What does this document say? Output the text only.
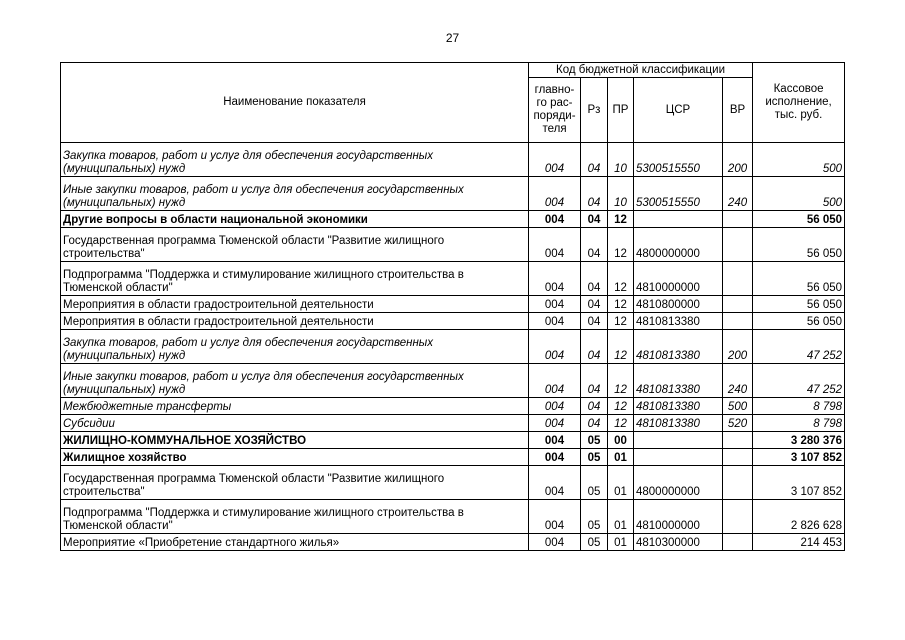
27
Наименование показателя	Код бюджетной классификации					Кассовое исполнение, тыс. руб.
	главно-
го рас-
поряди-
теля	Рз	ПР	ЦСР	ВР	
Закупка товаров, работ и услуг для обеспечения государственных (муниципальных) нужд	004	04	10	5300515550	200	500
Иные закупки товаров, работ и услуг для обеспечения государственных (муниципальных) нужд	004	04	10	5300515550	240	500
Другие вопросы в области национальной экономики	004	04	12			56 050
Государственная программа Тюменской области "Развитие жилищного строительства"	004	04	12	4800000000		56 050
Подпрограмма "Поддержка и стимулирование жилищного строительства в Тюменской области"	004	04	12	4810000000		56 050
Мероприятия в области градостроительной деятельности	004	04	12	4810800000		56 050
Мероприятия в области градостроительной деятельности	004	04	12	4810813380		56 050
Закупка товаров, работ и услуг для обеспечения государственных (муниципальных) нужд	004	04	12	4810813380	200	47 252
Иные закупки товаров, работ и услуг для обеспечения государственных (муниципальных) нужд	004	04	12	4810813380	240	47 252
Межбюджетные трансферты	004	04	12	4810813380	500	8 798
Субсидии	004	04	12	4810813380	520	8 798
ЖИЛИЩНО-КОММУНАЛЬНОЕ ХОЗЯЙСТВО	004	05	00			3 280 376
Жилищное хозяйство	004	05	01			3 107 852
Государственная программа Тюменской области "Развитие жилищного строительства"	004	05	01	4800000000		3 107 852
Подпрограмма "Поддержка и стимулирование жилищного строительства в Тюменской области"	004	05	01	4810000000		2 826 628
Мероприятие «Приобретение стандартного жилья»	004	05	01	4810300000		214 453
